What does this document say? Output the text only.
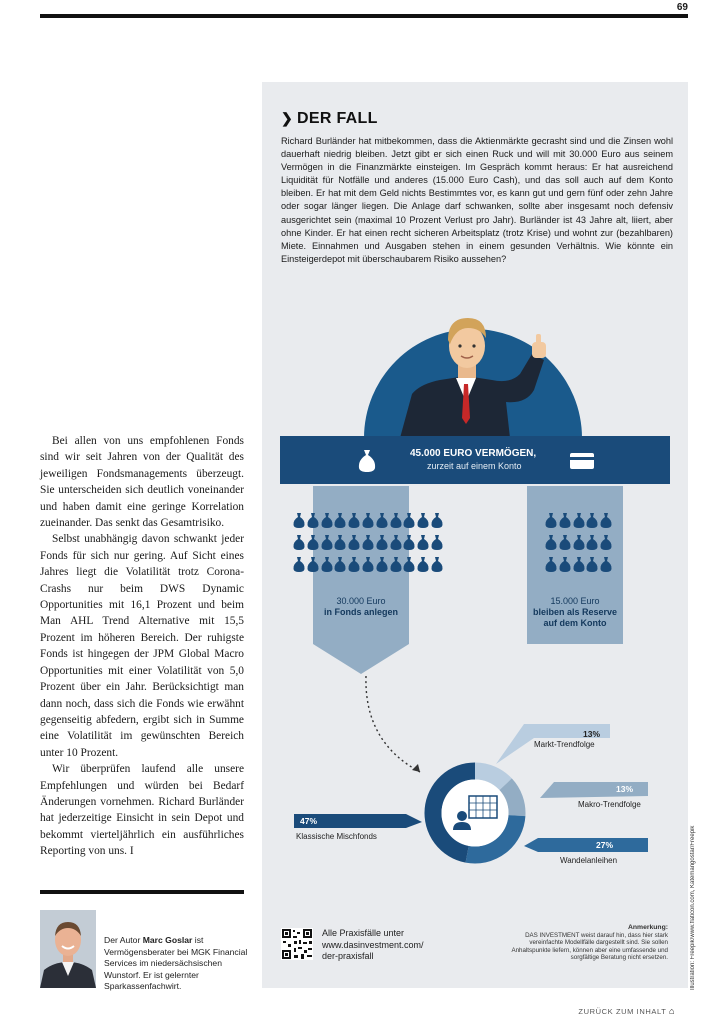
69
❯ DER FALL
Richard Burländer hat mitbekommen, dass die Aktienmärkte gecrasht sind und die Zinsen wohl dauerhaft niedrig bleiben. Jetzt gibt er sich einen Ruck und will mit 30.000 Euro aus seinem Vermögen in die Finanzmärkte einsteigen. Im Gespräch kommt heraus: Er hat ausreichend Liquidität für Notfälle und anderes (15.000 Euro Cash), und das soll auch auf dem Konto bleiben. Er hat mit dem Geld nichts Bestimmtes vor, es kann gut und gern fünf oder zehn Jahre oder sogar länger liegen. Die Anlage darf schwanken, sollte aber insgesamt noch defensiv ausgerichtet sein (maximal 10 Prozent Verlust pro Jahr). Burländer ist 43 Jahre alt, liiert, aber ohne Kinder. Er hat einen recht sicheren Arbeitsplatz (trotz Krise) und wohnt zur (bezahlbaren) Miete. Einnahmen und Ausgaben stehen in einem gesunden Verhältnis. Wie könnte ein Einsteigerdepot mit überschaubarem Risiko aussehen?
45.000 EURO VERMÖGEN,
zurzeit auf einem Konto
30.000 Euro
in Fonds anlegen
15.000 Euro
bleiben als Reserve
auf dem Konto
13%
Markt-Trendfolge
13%
Makro-Trendfolge
27%
Wandelanleihen
47%
Klassische Mischfonds

Bei allen von uns empfohlenen Fonds sind wir seit Jahren von der Qualität des jeweiligen Fondsmanagements überzeugt. Sie unterscheiden sich deutlich voneinander und haben damit eine geringe Korrelation zueinander. Das senkt das Gesamtrisiko.

Selbst unabhängig davon schwankt jeder Fonds für sich nur gering. Auf Sicht eines Jahres liegt die Volatilität trotz Corona-Crashs nur beim DWS Dynamic Opportunities mit 16,1 Prozent und beim Man AHL Trend Alternative mit 15,5 Prozent im höheren Bereich. Der ruhigste Fonds ist hingegen der JPM Global Macro Opportunities mit einer Volatilität von 5,0 Prozent über ein Jahr. Berücksichtigt man dann noch, dass sich die Fonds wie erwähnt gegenseitig abfedern, ergibt sich in Summe eine Volatilität im gewünschten Bereich unter 10 Prozent.

Wir überprüfen laufend alle unsere Empfehlungen und würden bei Bedarf Änderungen vornehmen. Richard Burländer hat jederzeitige Einsicht in sein Depot und bekommt vierteljährlich ein ausführliches Reporting von uns. I

Der Autor Marc Goslar ist Vermögensberater bei MGK Financial Services im niedersächsischen Wunstorf. Er ist gelernter Sparkassenfachwirt.
Alle Praxisfälle unter
www.dasinvestment.com/
der-praxisfall
Anmerkung:
DAS INVESTMENT weist darauf hin, dass hier stark vereinfachte Modellfälle dargestellt sind. Sie sollen Anhaltspunkte liefern, können aber eine umfassende und sorgfältige Beratung nicht ersetzen.	Illustration: Freepik/www.flaticon.com, Katemangostar/Freepik
ZURÜCK ZUM INHALT ⌂
